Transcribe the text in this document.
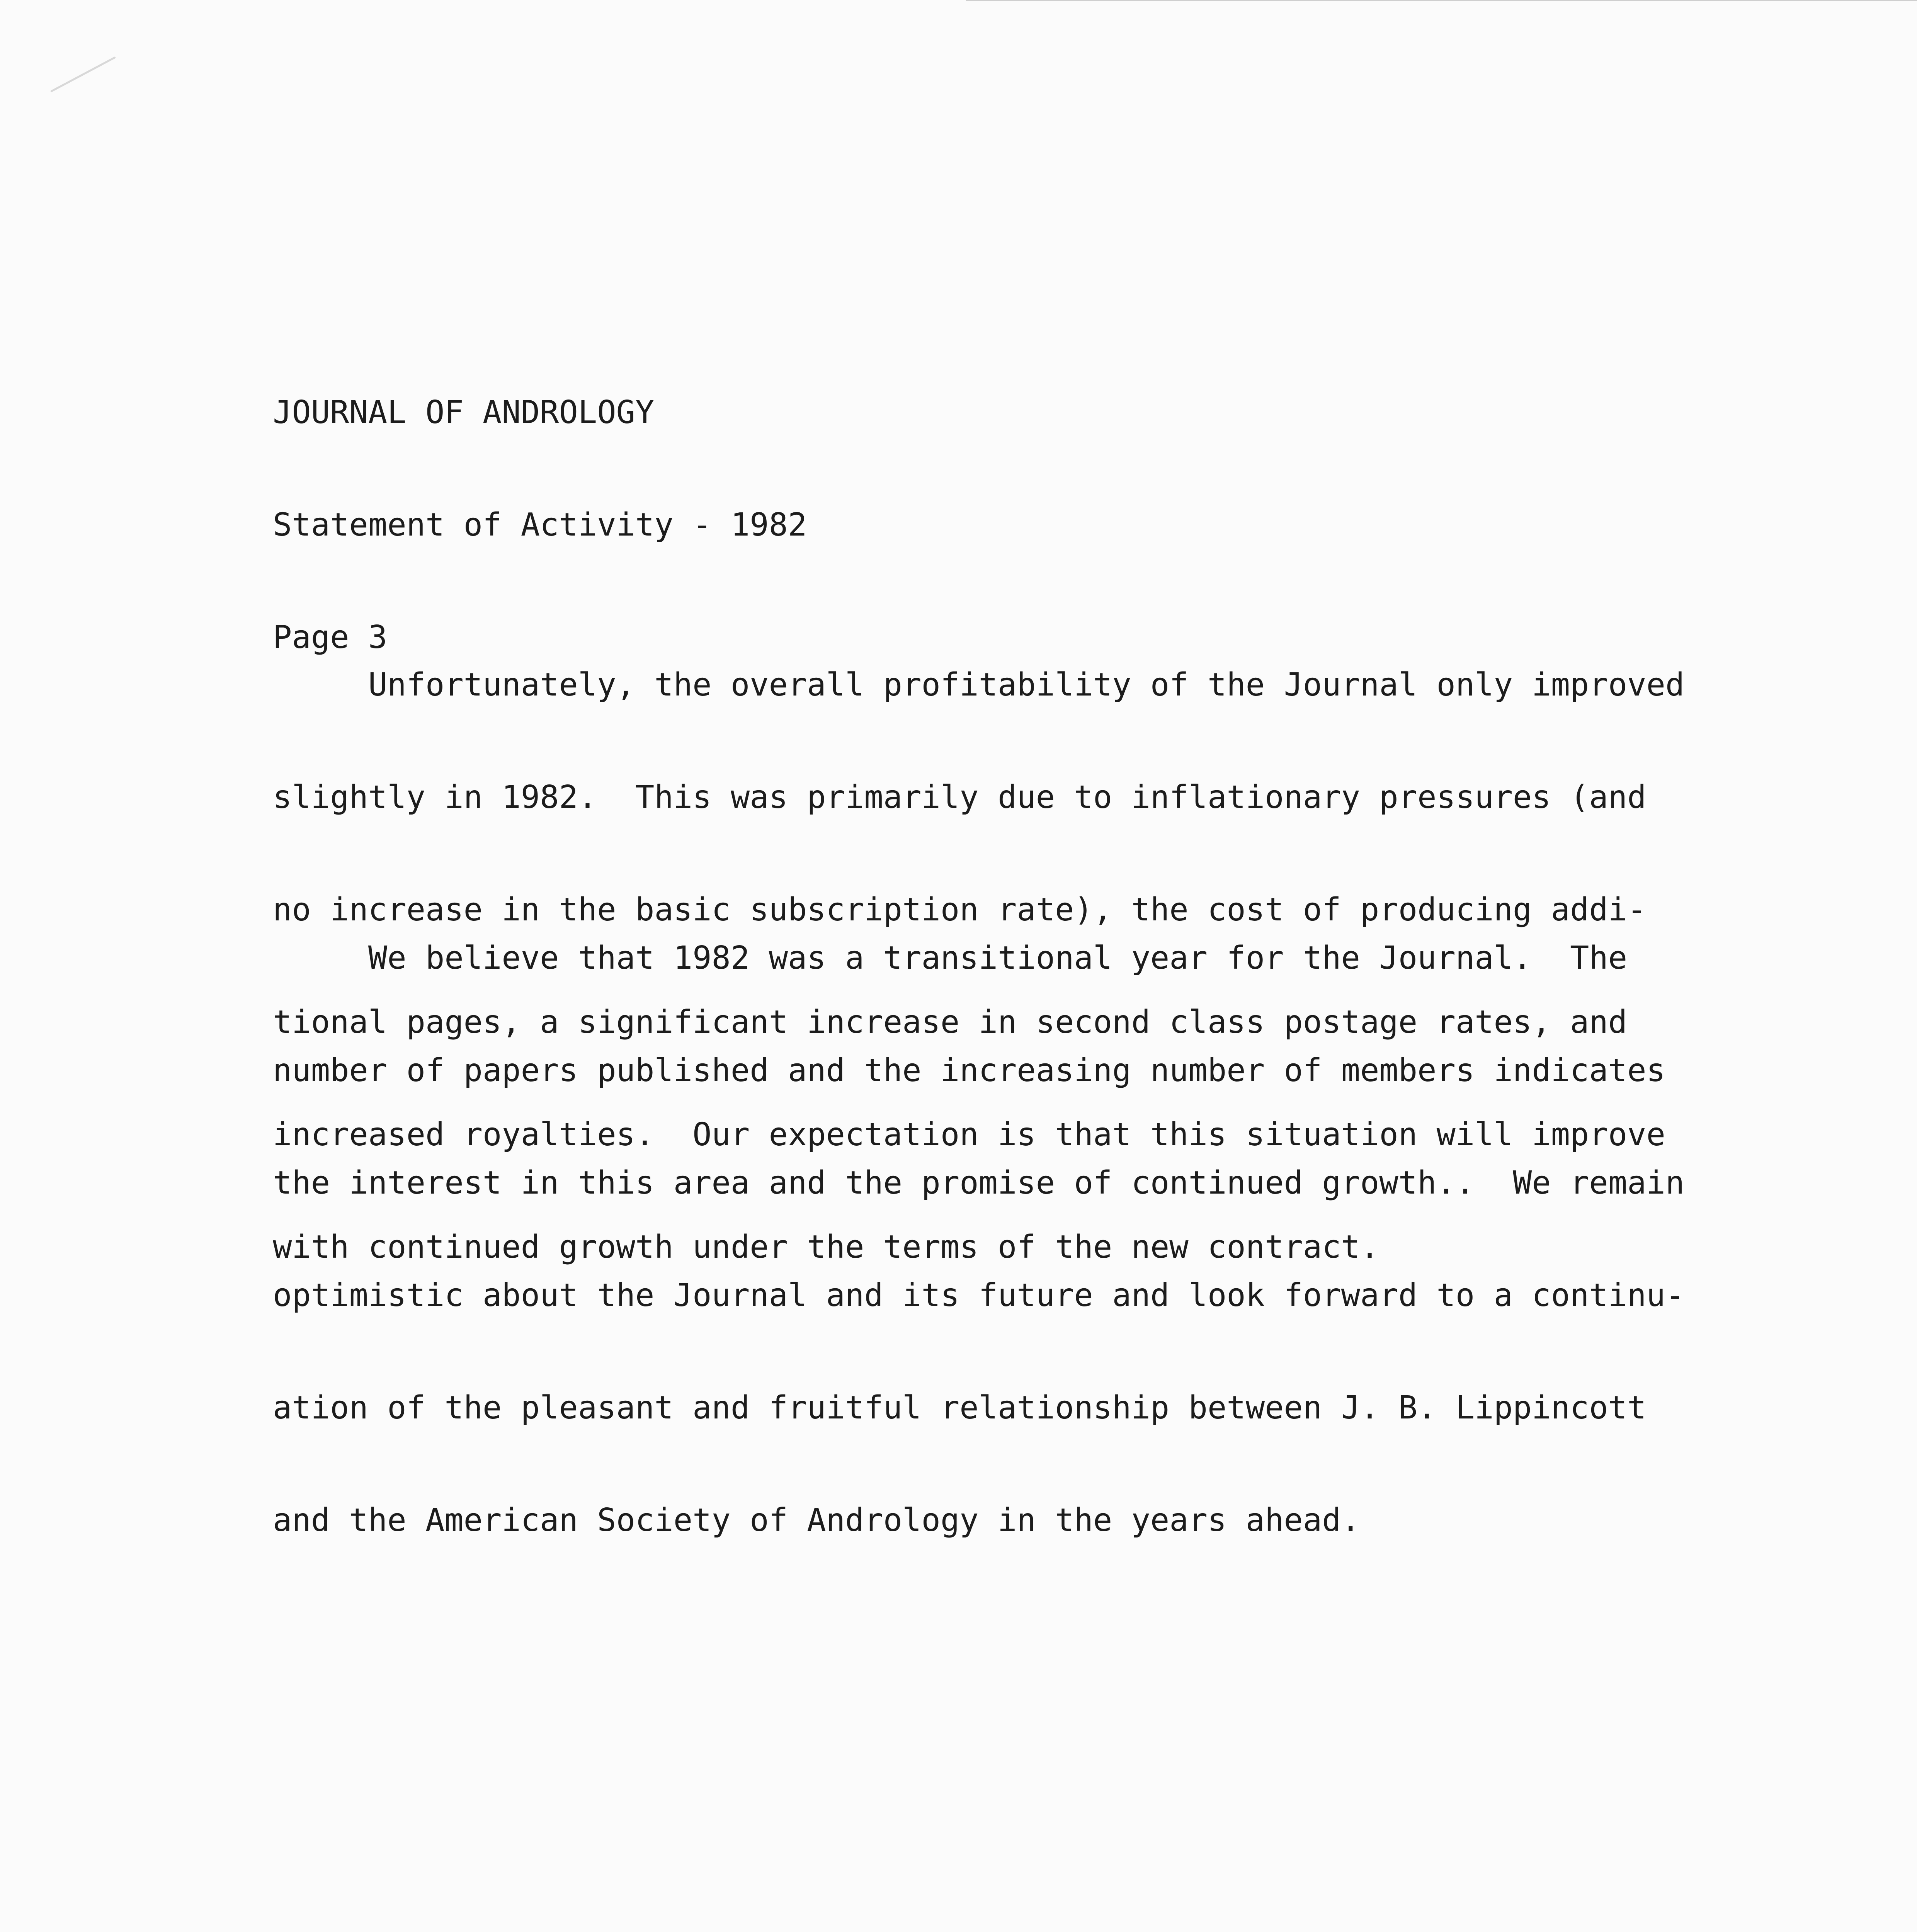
JOURNAL OF ANDROLOGY

Statement of Activity - 1982

Page 3

Unfortunately, the overall profitability of the Journal only improved

slightly in 1982.  This was primarily due to inflationary pressures (and

no increase in the basic subscription rate), the cost of producing addi-

tional pages, a significant increase in second class postage rates, and

increased royalties.  Our expectation is that this situation will improve

with continued growth under the terms of the new contract.

We believe that 1982 was a transitional year for the Journal.  The

number of papers published and the increasing number of members indicates

the interest in this area and the promise of continued growth..  We remain

optimistic about the Journal and its future and look forward to a continu-

ation of the pleasant and fruitful relationship between J. B. Lippincott

and the American Society of Andrology in the years ahead.
